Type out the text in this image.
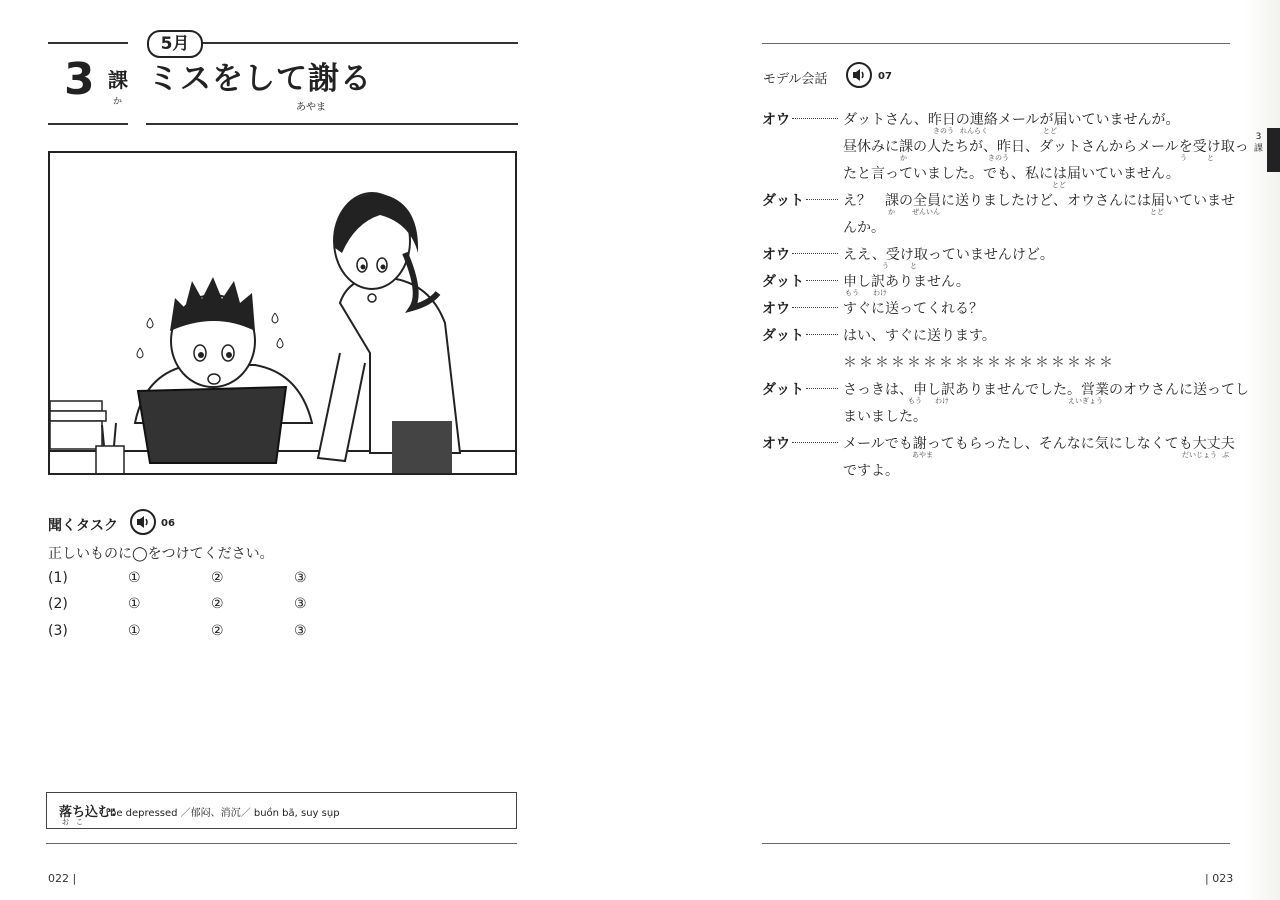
5月
3 課
か
ミスをして謝る
あやま
聞くタスク	06
正しいものに◯をつけてください。
(1)	①	②	③
(2)	①	②	③
(3)	①	②	③
落ち込む:
お　こ
be depressed ／郁闷、消沉／ buồn bã, suy sụp
022 |
モデル会話	07
オウ	ダットさん、昨日の連絡メールが届いていませんが。
きのう れんらく	とど
昼休みに課の人たちが、昨日、ダットさんからメールを受け取っ
か	きのう	う	と
たと言っていました。でも、私には届いていません。
とど
ダット	え？　課の全員に送りましたけど、オウさんには届いていませ
か ぜんいん	とど
んか。
オウ	ええ、受け取っていませんけど。
う	と
ダット	申し訳ありません。
もう わけ
オウ	すぐに送ってくれる？
ダット	はい、すぐに送ります。
＊＊＊＊＊＊＊＊＊＊＊＊＊＊＊＊＊
ダット	さっきは、申し訳ありませんでした。営業のオウさんに送ってし
もう わけ	えいぎょう
まいました。
オウ	メールでも謝ってもらったし、そんなに気にしなくても大丈夫
あやま	だいじょう ぶ
ですよ。
3
課
| 023
